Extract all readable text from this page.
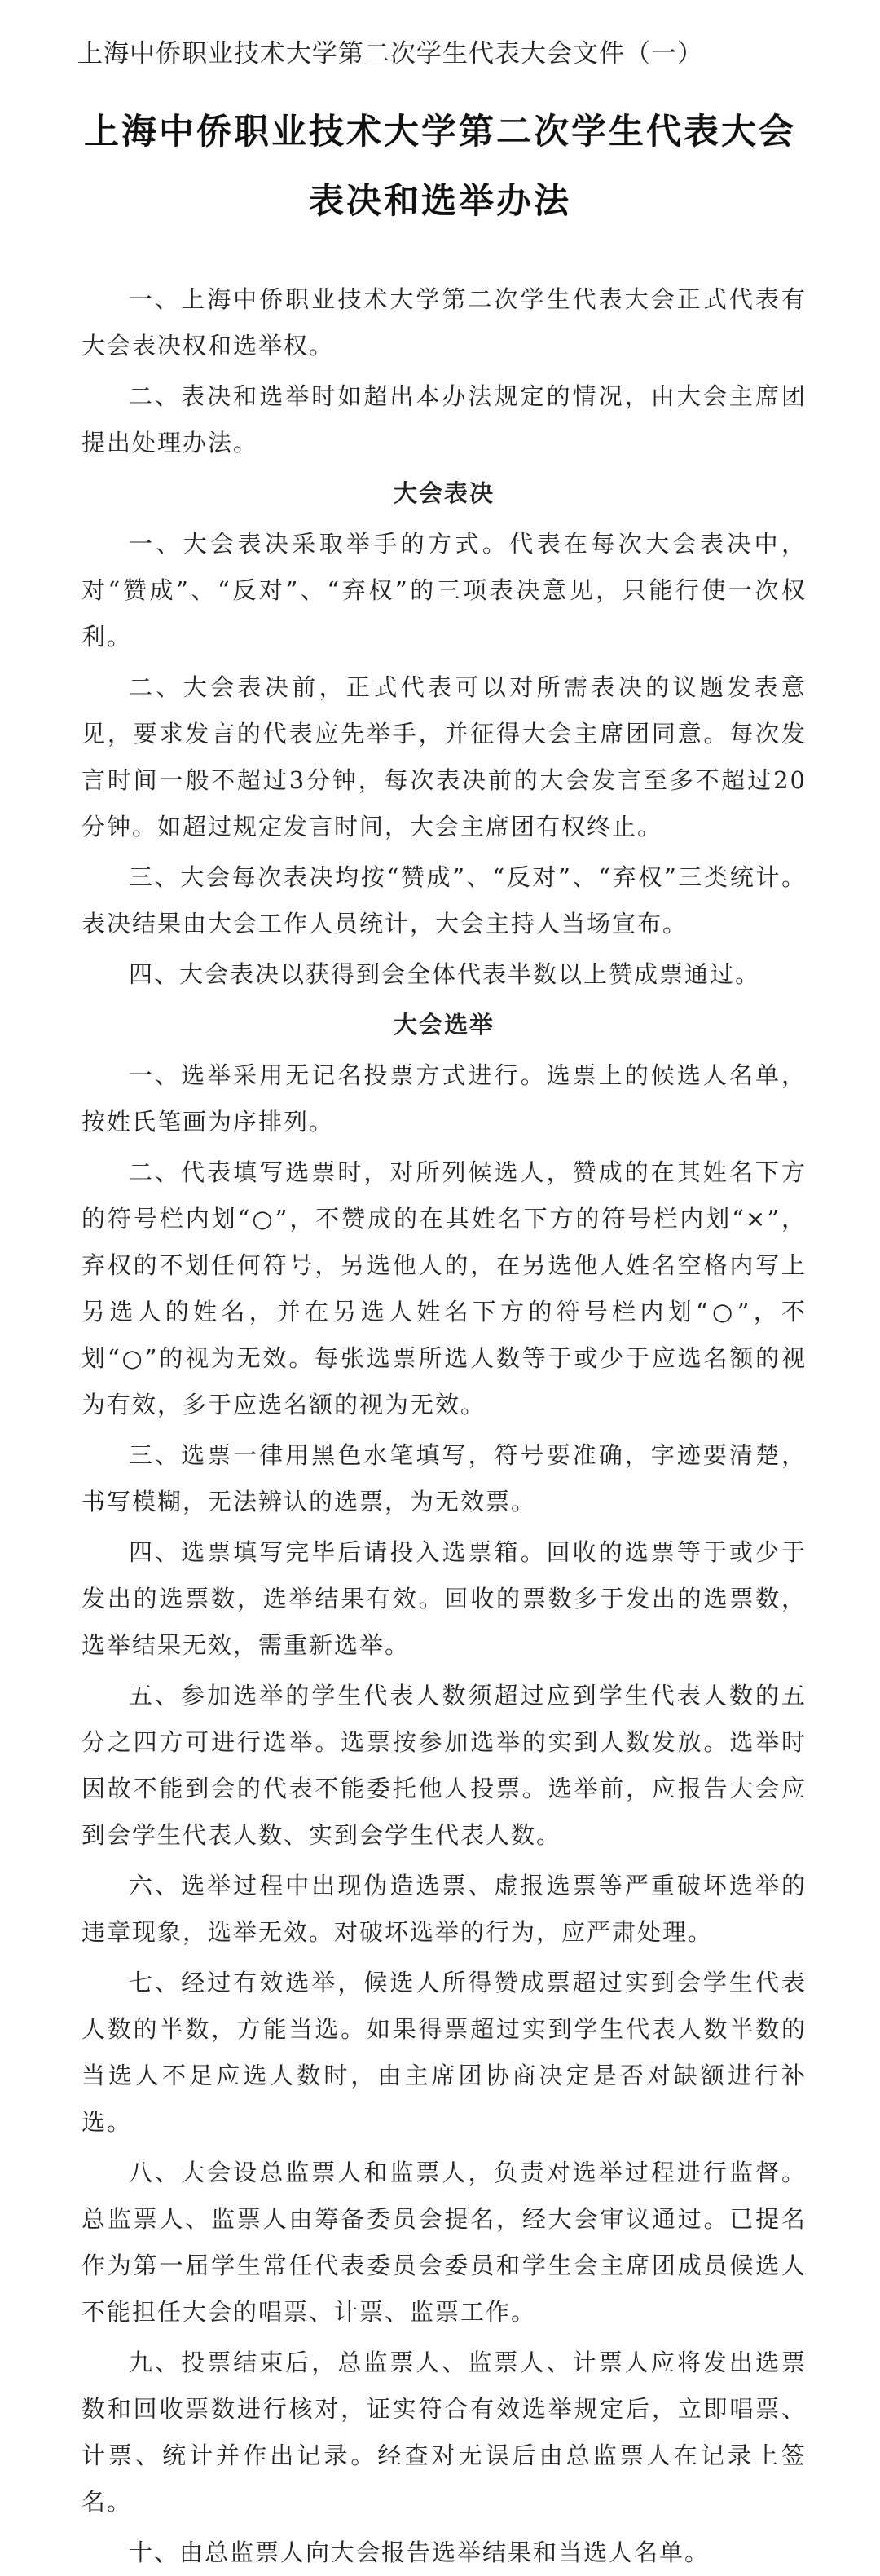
上海中侨职业技术大学第二次学生代表大会文件（一）
上海中侨职业技术大学第二次学生代表大会
表决和选举办法

一、上海中侨职业技术大学第二次学生代表大会正式代表有大会表决权和选举权。

二、表决和选举时如超出本办法规定的情况，由大会主席团提出处理办法。

大会表决

一、大会表决采取举手的方式。代表在每次大会表决中，对“赞成”、“反对”、“弃权”的三项表决意见，只能行使一次权利。

二、大会表决前，正式代表可以对所需表决的议题发表意见，要求发言的代表应先举手，并征得大会主席团同意。每次发言时间一般不超过3分钟，每次表决前的大会发言至多不超过20分钟。如超过规定发言时间，大会主席团有权终止。

三、大会每次表决均按“赞成”、“反对”、“弃权”三类统计。表决结果由大会工作人员统计，大会主持人当场宣布。

四、大会表决以获得到会全体代表半数以上赞成票通过。

大会选举

一、选举采用无记名投票方式进行。选票上的候选人名单，按姓氏笔画为序排列。

二、代表填写选票时，对所列候选人，赞成的在其姓名下方的符号栏内划“○”，不赞成的在其姓名下方的符号栏内划“×”，弃权的不划任何符号，另选他人的，在另选他人姓名空格内写上另选人的姓名，并在另选人姓名下方的符号栏内划“○”，不划“○”的视为无效。每张选票所选人数等于或少于应选名额的视为有效，多于应选名额的视为无效。

三、选票一律用黑色水笔填写，符号要准确，字迹要清楚，书写模糊，无法辨认的选票，为无效票。

四、选票填写完毕后请投入选票箱。回收的选票等于或少于发出的选票数，选举结果有效。回收的票数多于发出的选票数，选举结果无效，需重新选举。

五、参加选举的学生代表人数须超过应到学生代表人数的五分之四方可进行选举。选票按参加选举的实到人数发放。选举时因故不能到会的代表不能委托他人投票。选举前，应报告大会应到会学生代表人数、实到会学生代表人数。

六、选举过程中出现伪造选票、虚报选票等严重破坏选举的违章现象，选举无效。对破坏选举的行为，应严肃处理。

七、经过有效选举，候选人所得赞成票超过实到会学生代表人数的半数，方能当选。如果得票超过实到学生代表人数半数的当选人不足应选人数时，由主席团协商决定是否对缺额进行补选。

八、大会设总监票人和监票人，负责对选举过程进行监督。总监票人、监票人由筹备委员会提名，经大会审议通过。已提名作为第一届学生常任代表委员会委员和学生会主席团成员候选人不能担任大会的唱票、计票、监票工作。

九、投票结束后，总监票人、监票人、计票人应将发出选票数和回收票数进行核对，证实符合有效选举规定后，立即唱票、计票、统计并作出记录。经查对无误后由总监票人在记录上签名。

十、由总监票人向大会报告选举结果和当选人名单。
